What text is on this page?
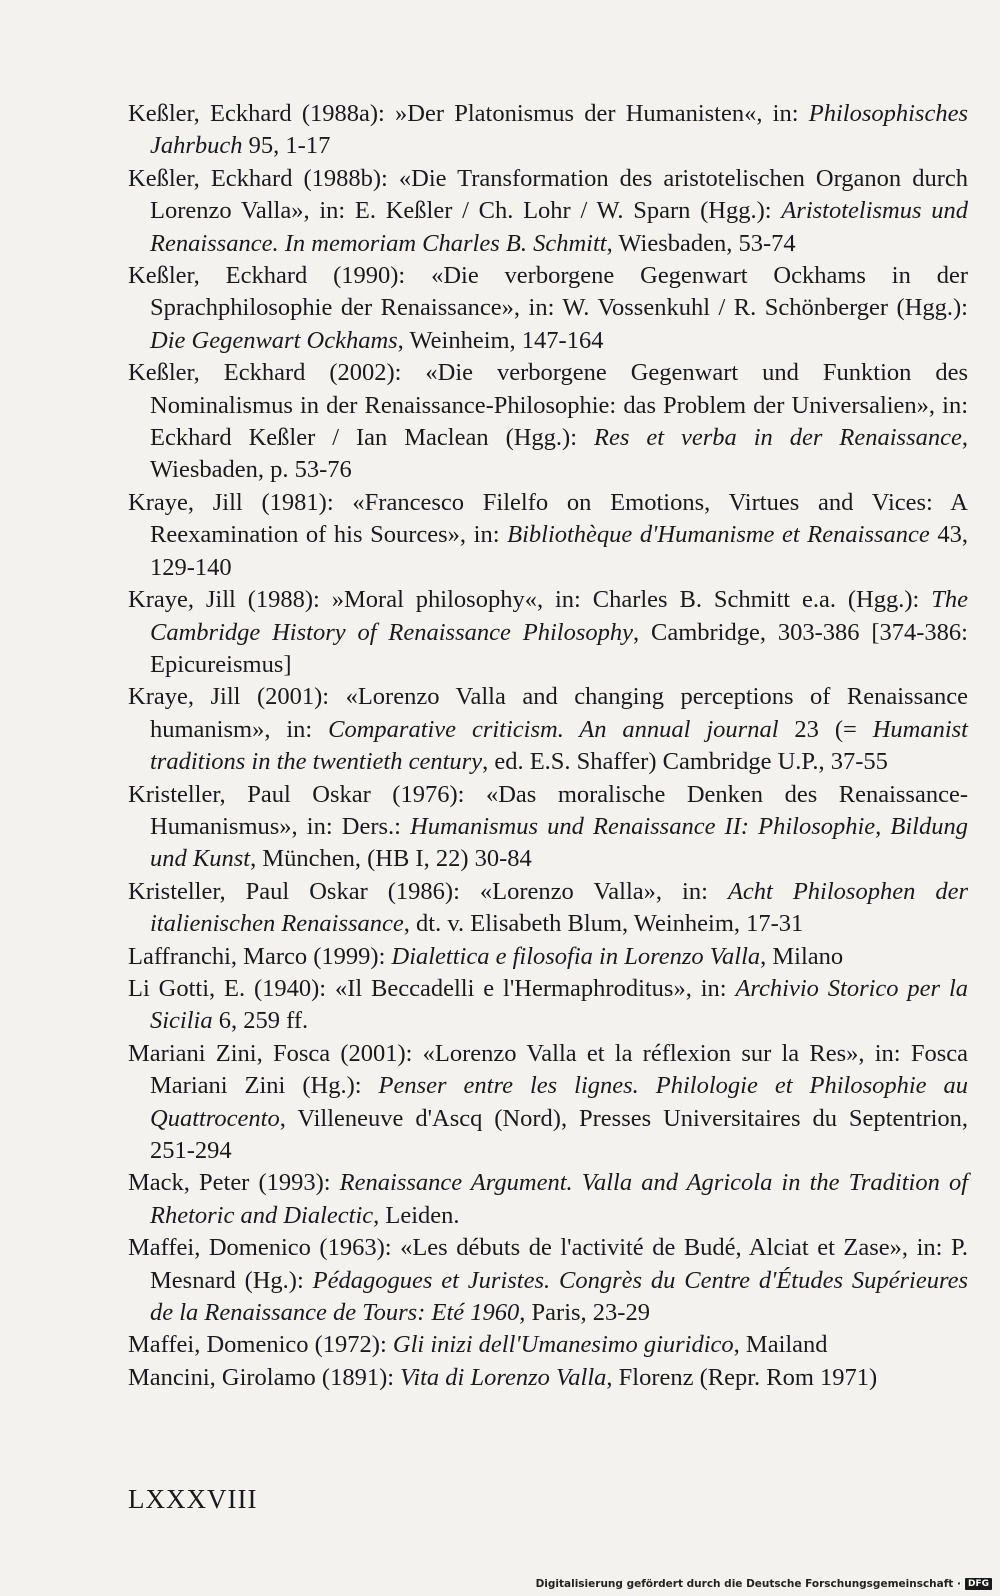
Keßler, Eckhard (1988a): »Der Platonismus der Humanisten«, in: Philosophisches Jahrbuch 95, 1-17

Keßler, Eckhard (1988b): «Die Transformation des aristotelischen Organon durch Lorenzo Valla», in: E. Keßler / Ch. Lohr / W. Sparn (Hgg.): Aristotelismus und Renaissance. In memoriam Charles B. Schmitt, Wiesbaden, 53-74

Keßler, Eckhard (1990): «Die verborgene Gegenwart Ockhams in der Sprachphilosophie der Renaissance», in: W. Vossenkuhl / R. Schönberger (Hgg.): Die Gegenwart Ockhams, Weinheim, 147-164

Keßler, Eckhard (2002): «Die verborgene Gegenwart und Funktion des Nominalismus in der Renaissance-Philosophie: das Problem der Universalien», in: Eckhard Keßler / Ian Maclean (Hgg.): Res et verba in der Renaissance, Wiesbaden, p. 53-76

Kraye, Jill (1981): «Francesco Filelfo on Emotions, Virtues and Vices: A Reexamination of his Sources», in: Bibliothèque d'Humanisme et Renaissance 43, 129-140

Kraye, Jill (1988): »Moral philosophy«, in: Charles B. Schmitt e.a. (Hgg.): The Cambridge History of Renaissance Philosophy, Cambridge, 303-386 [374-386: Epicureismus]

Kraye, Jill (2001): «Lorenzo Valla and changing perceptions of Renaissance humanism», in: Comparative criticism. An annual journal 23 (= Humanist traditions in the twentieth century, ed. E.S. Shaffer) Cambridge U.P., 37-55

Kristeller, Paul Oskar (1976): «Das moralische Denken des Renaissance-Humanismus», in: Ders.: Humanismus und Renaissance II: Philosophie, Bildung und Kunst, München, (HB I, 22) 30-84

Kristeller, Paul Oskar (1986): «Lorenzo Valla», in: Acht Philosophen der italienischen Renaissance, dt. v. Elisabeth Blum, Weinheim, 17-31

Laffranchi, Marco (1999): Dialettica e filosofia in Lorenzo Valla, Milano

Li Gotti, E. (1940): «Il Beccadelli e l'Hermaphroditus», in: Archivio Storico per la Sicilia 6, 259 ff.

Mariani Zini, Fosca (2001): «Lorenzo Valla et la réflexion sur la Res», in: Fosca Mariani Zini (Hg.): Penser entre les lignes. Philologie et Philosophie au Quattrocento, Villeneuve d'Ascq (Nord), Presses Universitaires du Septentrion, 251-294

Mack, Peter (1993): Renaissance Argument. Valla and Agricola in the Tradition of Rhetoric and Dialectic, Leiden.

Maffei, Domenico (1963): «Les débuts de l'activité de Budé, Alciat et Zase», in: P. Mesnard (Hg.): Pédagogues et Juristes. Congrès du Centre d'Études Supérieures de la Renaissance de Tours: Eté 1960, Paris, 23-29

Maffei, Domenico (1972): Gli inizi dell'Umanesimo giuridico, Mailand

Mancini, Girolamo (1891): Vita di Lorenzo Valla, Florenz (Repr. Rom 1971)

LXXXVIII
Digitalisierung gefördert durch die Deutsche Forschungsgemeinschaft · DFG
